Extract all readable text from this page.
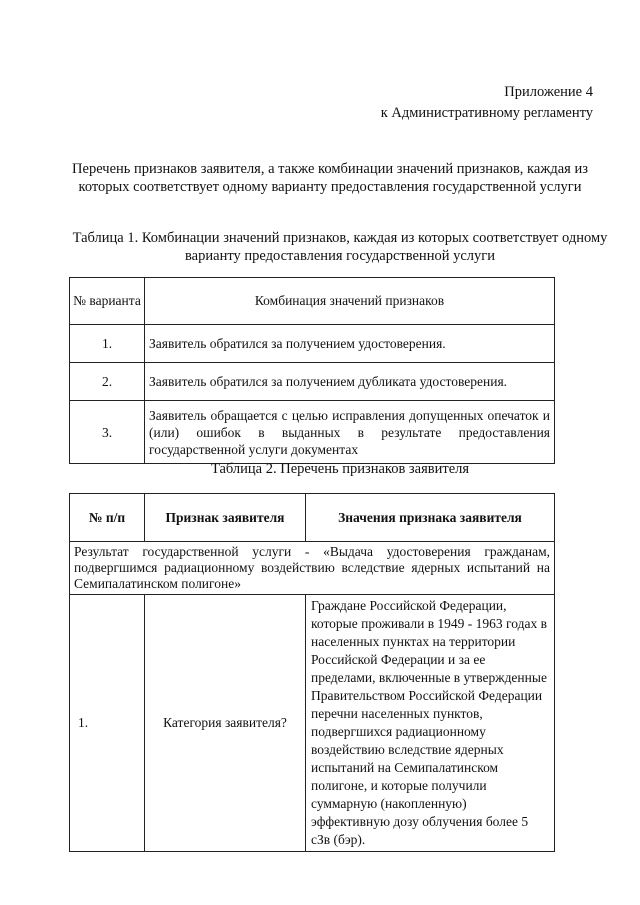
Приложение 4
к Административному регламенту
Перечень признаков заявителя, а также комбинации значений признаков, каждая из которых соответствует одному варианту предоставления государственной услуги
Таблица 1. Комбинации значений признаков, каждая из которых соответствует одному варианту предоставления государственной услуги
№ варианта	Комбинация значений признаков
1.	Заявитель обратился за получением удостоверения.
2.	Заявитель обратился за получением дубликата удостоверения.
3.	Заявитель обращается с целью исправления допущенных опечаток и (или) ошибок в выданных в результате предоставления государственной услуги документах
Таблица 2. Перечень признаков заявителя
№ п/п	Признак заявителя	Значения признака заявителя
Результат государственной услуги - «Выдача удостоверения гражданам, подвергшимся радиационному воздействию вследствие ядерных испытаний на Семипалатинском полигоне»		
1.	Категория заявителя?	Граждане Российской Федерации, которые проживали в 1949 - 1963 годах в населенных пунктах на территории Российской Федерации и за ее пределами, включенные в утвержденные Правительством Российской Федерации перечни населенных пунктов, подвергшихся радиационному воздействию вследствие ядерных испытаний на Семипалатинском полигоне, и которые получили суммарную (накопленную) эффективную дозу облучения более 5 сЗв (бэр).
